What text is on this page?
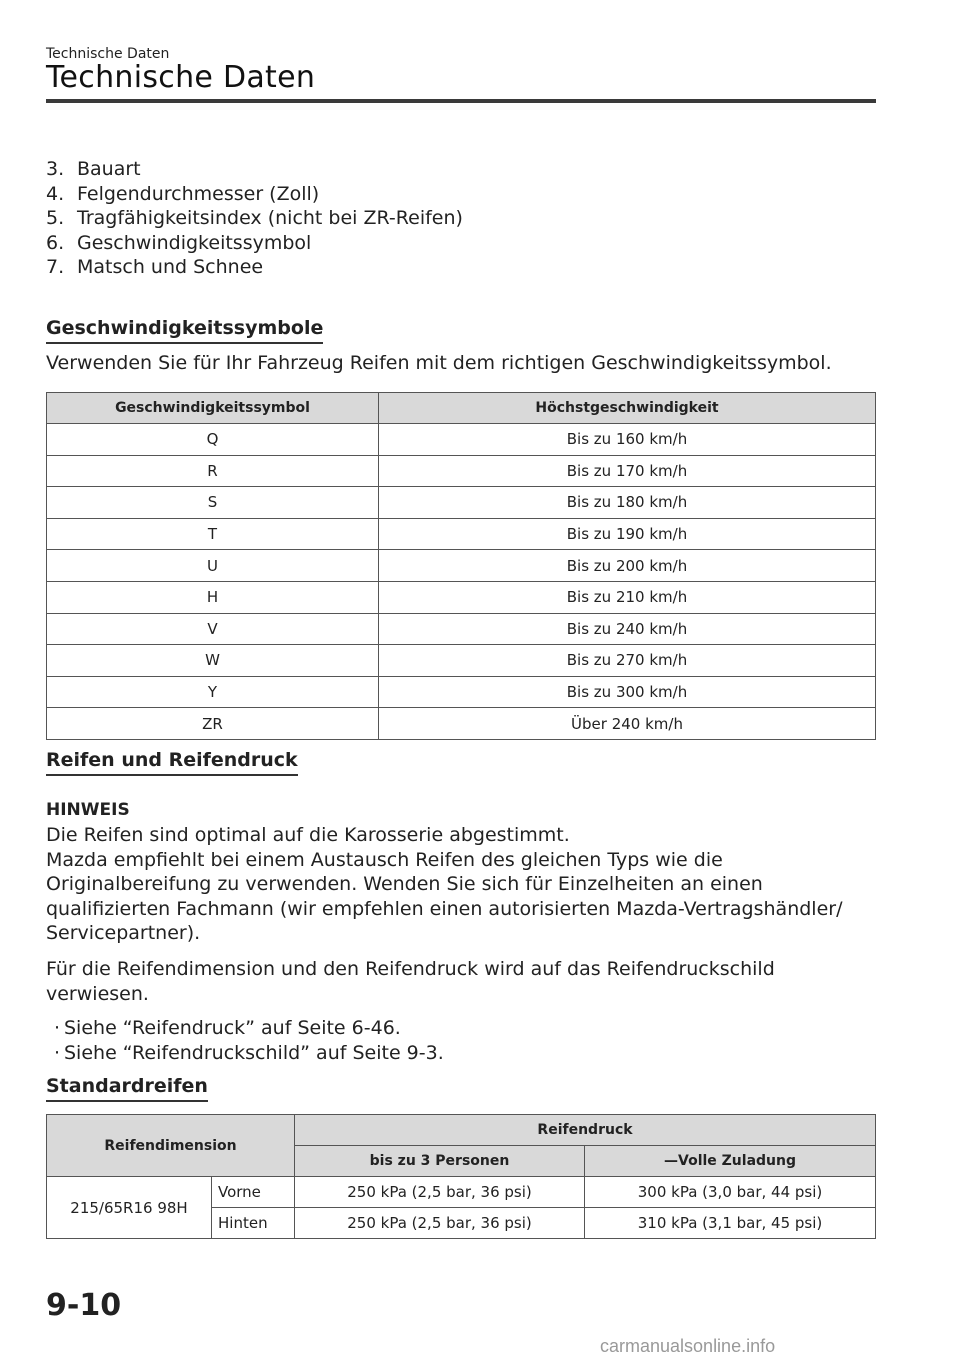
Technische Daten
Technische Daten
3. Bauart
4. Felgendurchmesser (Zoll)
5. Tragfähigkeitsindex (nicht bei ZR-Reifen)
6. Geschwindigkeitssymbol
7. Matsch und Schnee
Geschwindigkeitssymbole
Verwenden Sie für Ihr Fahrzeug Reifen mit dem richtigen Geschwindigkeitssymbol.
Geschwindigkeitssymbol	Höchstgeschwindigkeit
Q	Bis zu 160 km/h
R	Bis zu 170 km/h
S	Bis zu 180 km/h
T	Bis zu 190 km/h
U	Bis zu 200 km/h
H	Bis zu 210 km/h
V	Bis zu 240 km/h
W	Bis zu 270 km/h
Y	Bis zu 300 km/h
ZR	Über 240 km/h
Reifen und Reifendruck
HINWEIS
Die Reifen sind optimal auf die Karosserie abgestimmt.
Mazda empfiehlt bei einem Austausch Reifen des gleichen Typs wie die Originalbereifung zu verwenden. Wenden Sie sich für Einzelheiten an einen qualifizierten Fachmann (wir empfehlen einen autorisierten Mazda-Vertragshändler/ Servicepartner).
Für die Reifendimension und den Reifendruck wird auf das Reifendruckschild verwiesen.
· Siehe “Reifendruck” auf Seite 6-46.
· Siehe “Reifendruckschild” auf Seite 9-3.
Standardreifen
Reifendimension		Reifendruck	
		bis zu 3 Personen	—Volle Zuladung
215/65R16 98H	Vorne	250 kPa (2,5 bar, 36 psi)	300 kPa (3,0 bar, 44 psi)
	Hinten	250 kPa (2,5 bar, 36 psi)	310 kPa (3,1 bar, 45 psi)
9-10
carmanualsonline.info
